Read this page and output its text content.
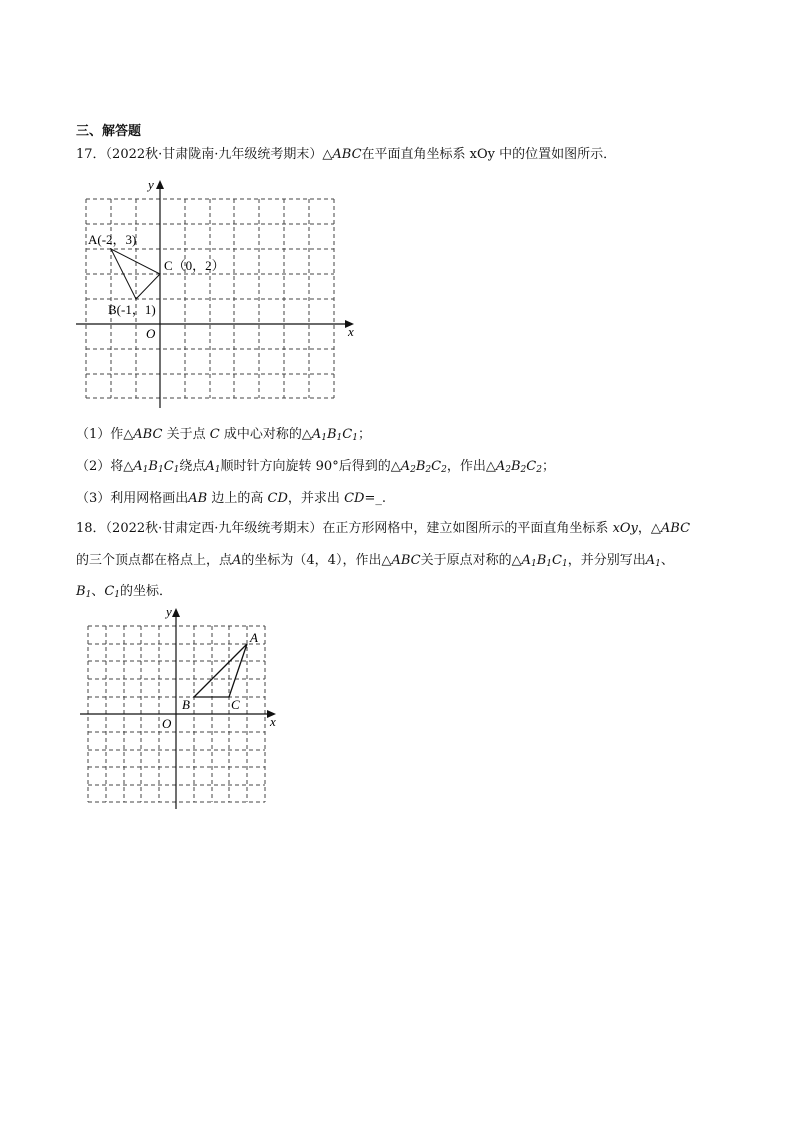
三、解答题
17．（2022秋·甘肃陇南·九年级统考期末）△ABC在平面直角坐标系 xOy 中的位置如图所示．
y
x
O
A(-2，3)
B(-1，1)
C（0，2）
（1）作△ABC 关于点 C 成中心对称的$\triangle A_1B_1C_1$；
（2）将$\triangle A_1B_1C_1$绕点$A_1$顺时针方向旋转 90°后得到的$\triangle A_2B_2C_2$，作出$\triangle A_2B_2C_2$；
（3）利用网格画出AB 边上的高 CD，并求出 CD=_.
18．（2022秋·甘肃定西·九年级统考期末）在正方形网格中，建立如图所示的平面直角坐标系 xOy，△ABC
的三个顶点都在格点上，点A的坐标为（4，4），作出△ABC关于原点对称的$\triangle A_1B_1C_1$，并分别写出$A_1$、
$B_1$、$C_1$的坐标．
y
x
O
A
B	C
